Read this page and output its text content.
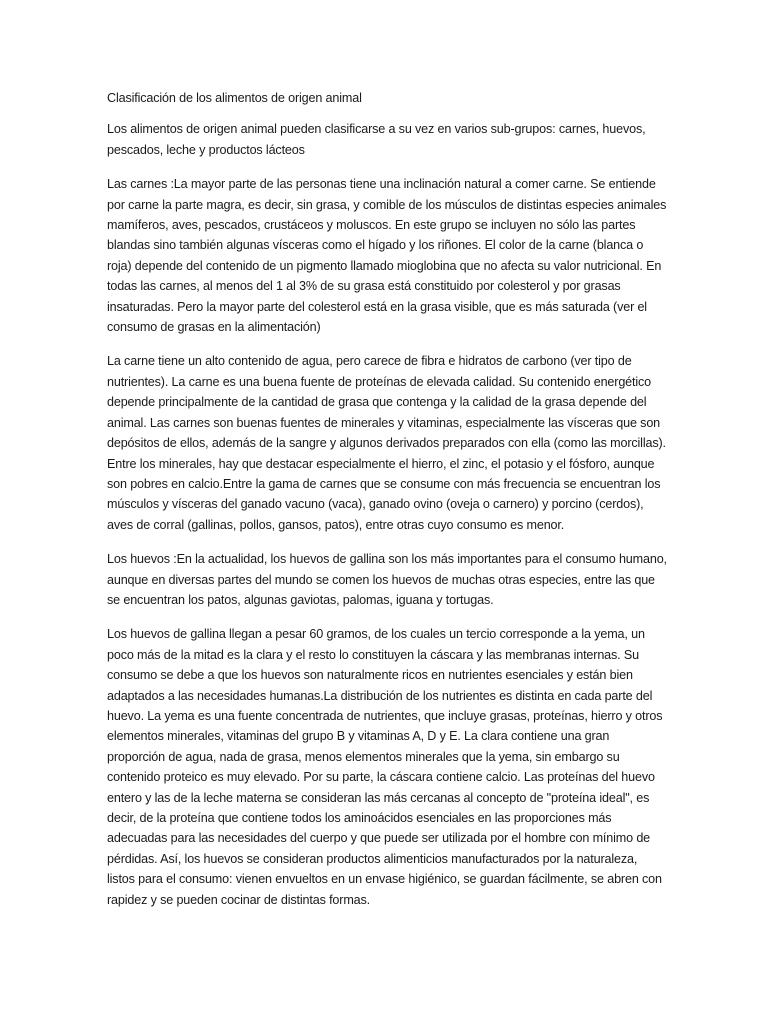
Clasificación de los alimentos de origen animal

Los alimentos de origen animal pueden clasificarse a su vez en varios sub-grupos: carnes, huevos, pescados, leche y productos lácteos

Las carnes :La mayor parte de las personas tiene una inclinación natural a comer carne. Se entiende por carne la parte magra, es decir, sin grasa, y comible de los músculos de distintas especies animales mamíferos, aves, pescados, crustáceos y moluscos. En este grupo se incluyen no sólo las partes blandas sino también algunas vísceras como el hígado y los riñones. El color de la carne (blanca o roja) depende del contenido de un pigmento llamado mioglobina que no afecta su valor nutricional. En todas las carnes, al menos del 1 al 3% de su grasa está constituido por colesterol y por grasas insaturadas. Pero la mayor parte del colesterol está en la grasa visible, que es más saturada (ver el consumo de grasas en la alimentación)

La carne tiene un alto contenido de agua, pero carece de fibra e hidratos de carbono (ver tipo de nutrientes). La carne es una buena fuente de proteínas de elevada calidad. Su contenido energético depende principalmente de la cantidad de grasa que contenga y la calidad de la grasa depende del animal. Las carnes son buenas fuentes de minerales y vitaminas, especialmente las vísceras que son depósitos de ellos, además de la sangre y algunos derivados preparados con ella (como las morcillas). Entre los minerales, hay que destacar especialmente el hierro, el zinc, el potasio y el fósforo, aunque son pobres en calcio.Entre la gama de carnes que se consume con más frecuencia se encuentran los músculos y vísceras del ganado vacuno (vaca), ganado ovino (oveja o carnero) y porcino (cerdos), aves de corral (gallinas, pollos, gansos, patos), entre otras cuyo consumo es menor.

Los huevos :En la actualidad, los huevos de gallina son los más importantes para el consumo humano, aunque en diversas partes del mundo se comen los huevos de muchas otras especies, entre las que se encuentran los patos, algunas gaviotas, palomas, iguana y tortugas.

Los huevos de gallina llegan a pesar 60 gramos, de los cuales un tercio corresponde a la yema, un poco más de la mitad es la clara y el resto lo constituyen la cáscara y las membranas internas. Su consumo se debe a que los huevos son naturalmente ricos en nutrientes esenciales y están bien adaptados a las necesidades humanas.La distribución de los nutrientes es distinta en cada parte del huevo. La yema es una fuente concentrada de nutrientes, que incluye grasas, proteínas, hierro y otros elementos minerales, vitaminas del grupo B y vitaminas A, D y E. La clara contiene una gran proporción de agua, nada de grasa, menos elementos minerales que la yema, sin embargo su contenido proteico es muy elevado. Por su parte, la cáscara contiene calcio. Las proteínas del huevo entero y las de la leche materna se consideran las más cercanas al concepto de "proteína ideal", es decir, de la proteína que contiene todos los aminoácidos esenciales en las proporciones más adecuadas para las necesidades del cuerpo y que puede ser utilizada por el hombre con mínimo de pérdidas. Así, los huevos se consideran productos alimenticios manufacturados por la naturaleza, listos para el consumo: vienen envueltos en un envase higiénico, se guardan fácilmente, se abren con rapidez y se pueden cocinar de distintas formas.
